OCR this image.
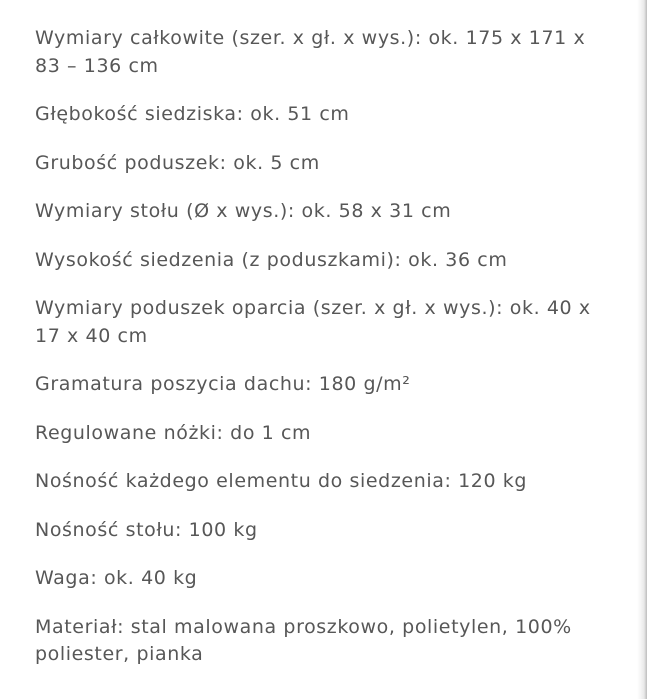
Wymiary całkowite (szer. x gł. x wys.): ok. 175 x 171 x 83 – 136 cm

Głębokość siedziska: ok. 51 cm

Grubość poduszek: ok. 5 cm

Wymiary stołu (Ø x wys.): ok. 58 x 31 cm

Wysokość siedzenia (z poduszkami): ok. 36 cm

Wymiary poduszek oparcia (szer. x gł. x wys.): ok. 40 x 17 x 40 cm

Gramatura poszycia dachu: 180 g/m²

Regulowane nóżki: do 1 cm

Nośność każdego elementu do siedzenia: 120 kg

Nośność stołu: 100 kg

Waga: ok. 40 kg

Materiał: stal malowana proszkowo, polietylen, 100% poliester, pianka
